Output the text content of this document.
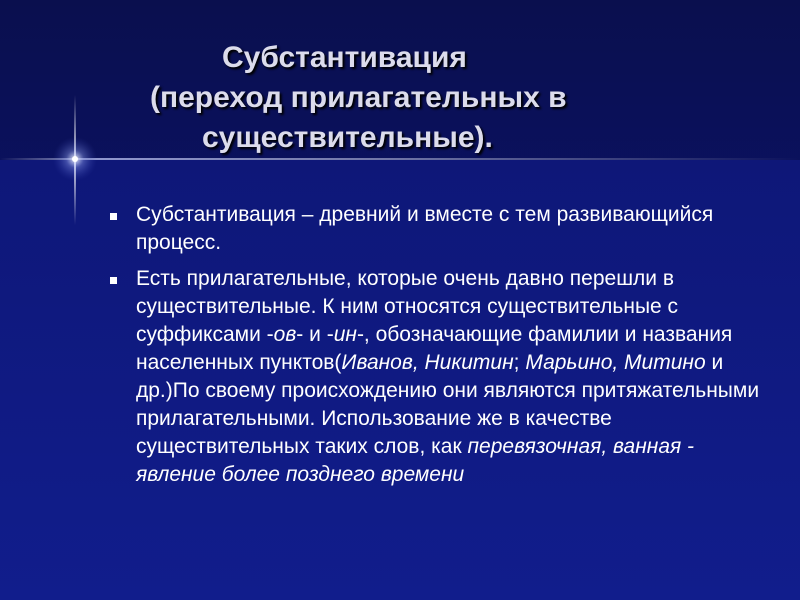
Субстантивация
(переход прилагательных в
существительные).
Субстантивация – древний и вместе с тем развивающийся процесс.
Есть прилагательные, которые очень давно перешли в существительные. К ним относятся существительные с суффиксами -ов- и -ин-, обозначающие фамилии и названия населенных пунктов(Иванов, Никитин; Марьино, Митино и др.)По своему происхождению они являются притяжательными прилагательными. Использование же в качестве существительных таких слов, как перевязочная, ванная - явление более позднего времени
